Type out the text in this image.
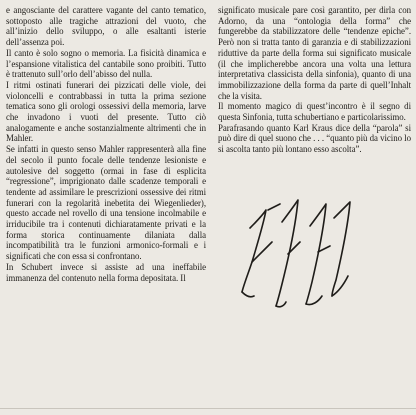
e angosciante del carattere vagante del canto tematico, sottoposto alle tragiche attrazioni del vuoto, che all’inizio dello sviluppo, o alle esaltanti isterie dell’assenza poi.

Il canto è solo sogno o memoria. La fisicità dinamica e l’espansione vitalistica del cantabile sono proibiti. Tutto è trattenuto sull’orlo dell’abisso del nulla.

I ritmi ostinati funerari dei pizzicati delle viole, dei violoncelli e contrabbassi in tutta la prima sezione tematica sono gli orologi ossessivi della memoria, larve che invadono i vuoti del presente. Tutto ciò analogamente e anche sostanzialmente altrimenti che in Mahler.

Se infatti in questo senso Mahler rappresenterà alla fine del secolo il punto focale delle tendenze lesioniste e autolesive del soggetto (ormai in fase di esplicita “regressione”, imprigionato dalle scadenze temporali e tendente ad assimilare le prescrizioni ossessive dei ritmi funerari con la regolarità inebetita dei Wiegenlieder), questo accade nel rovello di una tensione incolmabile e irriducibile tra i contenuti dichiaratamente privati e la forma storica continuamente dilaniata dalla incompatibilità tra le funzioni armonico-formali e i significati che con essa si confrontano.

In Schubert invece si assiste ad una ineffabile immanenza del contenuto nella forma depositata. Il

significato musicale pare così garantito, per dirla con Adorno, da una “ontologia della forma” che fungerebbe da stabilizzatore delle “tendenze epiche”. Però non si tratta tanto di garanzia e di stabilizzazioni riduttive da parte della forma sui significato musicale (il che implicherebbe ancora una volta una lettura interpretativa classicista della sinfonia), quanto di una immobilizzazione della forma da parte di quell’Inhalt che la visita.

Il momento magico di quest’incontro è il segno di questa Sinfonia, tutta schubertiano e particolarissimo.

Parafrasando quanto Karl Kraus dice della “parola” si può dire di quel suono che . . . “quanto più da vicino lo si ascolta tanto più lontano esso ascolta”.
